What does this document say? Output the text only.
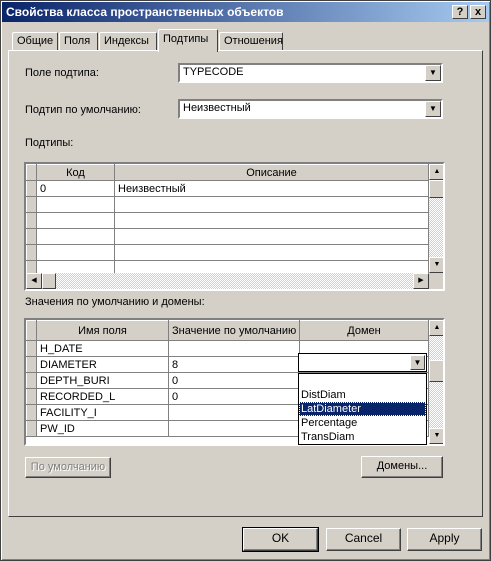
Свойства класса пространственных объектов	?	x
Общие Поля	Индексы	Подтипы	Отношения
Поле подтипа:	TYPECODE	▼
Подтип по умолчанию:	Неизвестный	▼
Подтипы:
	Код	Описание
	0	Неизвестный

▲
▼
◀	▶
Значения по умолчанию и домены:
	Имя поля	Значение по умолчанию	Домен
	H_DATE		
	DIAMETER	8	
	DEPTH_BURI	0	
	RECORDED_L	0	
	FACILITY_I		
	PW_ID		
▲
▼
▼
DistDiam
LatDiameter
Percentage
TransDiam
По умолчанию	Домены...
OK	Cancel	Apply
